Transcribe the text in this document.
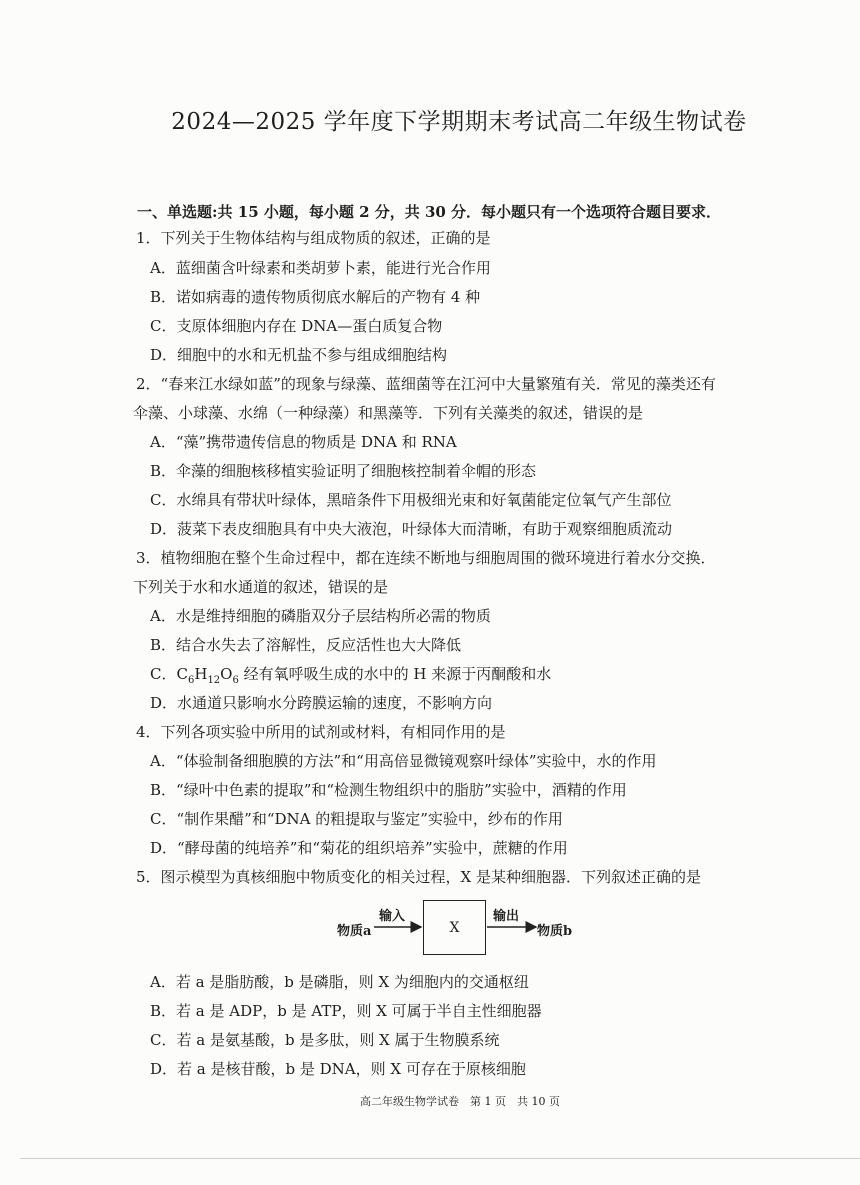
2024—2025 学年度下学期期末考试高二年级生物试卷
一、单选题:共 15 小题，每小题 2 分，共 30 分．每小题只有一个选项符合题目要求．
1．下列关于生物体结构与组成物质的叙述，正确的是
A．蓝细菌含叶绿素和类胡萝卜素，能进行光合作用
B．诺如病毒的遗传物质彻底水解后的产物有 4 种
C．支原体细胞内存在 DNA—蛋白质复合物
D．细胞中的水和无机盐不参与组成细胞结构
2．“春来江水绿如蓝”的现象与绿藻、蓝细菌等在江河中大量繁殖有关．常见的藻类还有
伞藻、小球藻、水绵（一种绿藻）和黑藻等．下列有关藻类的叙述，错误的是
A．“藻”携带遗传信息的物质是 DNA 和 RNA
B．伞藻的细胞核移植实验证明了细胞核控制着伞帽的形态
C．水绵具有带状叶绿体，黑暗条件下用极细光束和好氧菌能定位氧气产生部位
D．菠菜下表皮细胞具有中央大液泡，叶绿体大而清晰，有助于观察细胞质流动
3．植物细胞在整个生命过程中，都在连续不断地与细胞周围的微环境进行着水分交换．
下列关于水和水通道的叙述，错误的是
A．水是维持细胞的磷脂双分子层结构所必需的物质
B．结合水失去了溶解性，反应活性也大大降低
C．$C_6H_{12}O_6$ 经有氧呼吸生成的水中的 H 来源于丙酮酸和水
D．水通道只影响水分跨膜运输的速度，不影响方向
4．下列各项实验中所用的试剂或材料，有相同作用的是
A．“体验制备细胞膜的方法”和“用高倍显微镜观察叶绿体”实验中，水的作用
B．“绿叶中色素的提取”和“检测生物组织中的脂肪”实验中，酒精的作用
C．“制作果醋”和“DNA 的粗提取与鉴定”实验中，纱布的作用
D．“酵母菌的纯培养”和“菊花的组织培养”实验中，蔗糖的作用
5．图示模型为真核细胞中物质变化的相关过程，X 是某种细胞器．下列叙述正确的是
A．若 a 是脂肪酸，b 是磷脂，则 X 为细胞内的交通枢纽
B．若 a 是 ADP，b 是 ATP，则 X 可属于半自主性细胞器
C．若 a 是氨基酸，b 是多肽，则 X 属于生物膜系统
D．若 a 是核苷酸，b 是 DNA，则 X 可存在于原核细胞
物质a
输入
X
输出
物质b
高二年级生物学试卷　第 1 页　共 10 页
